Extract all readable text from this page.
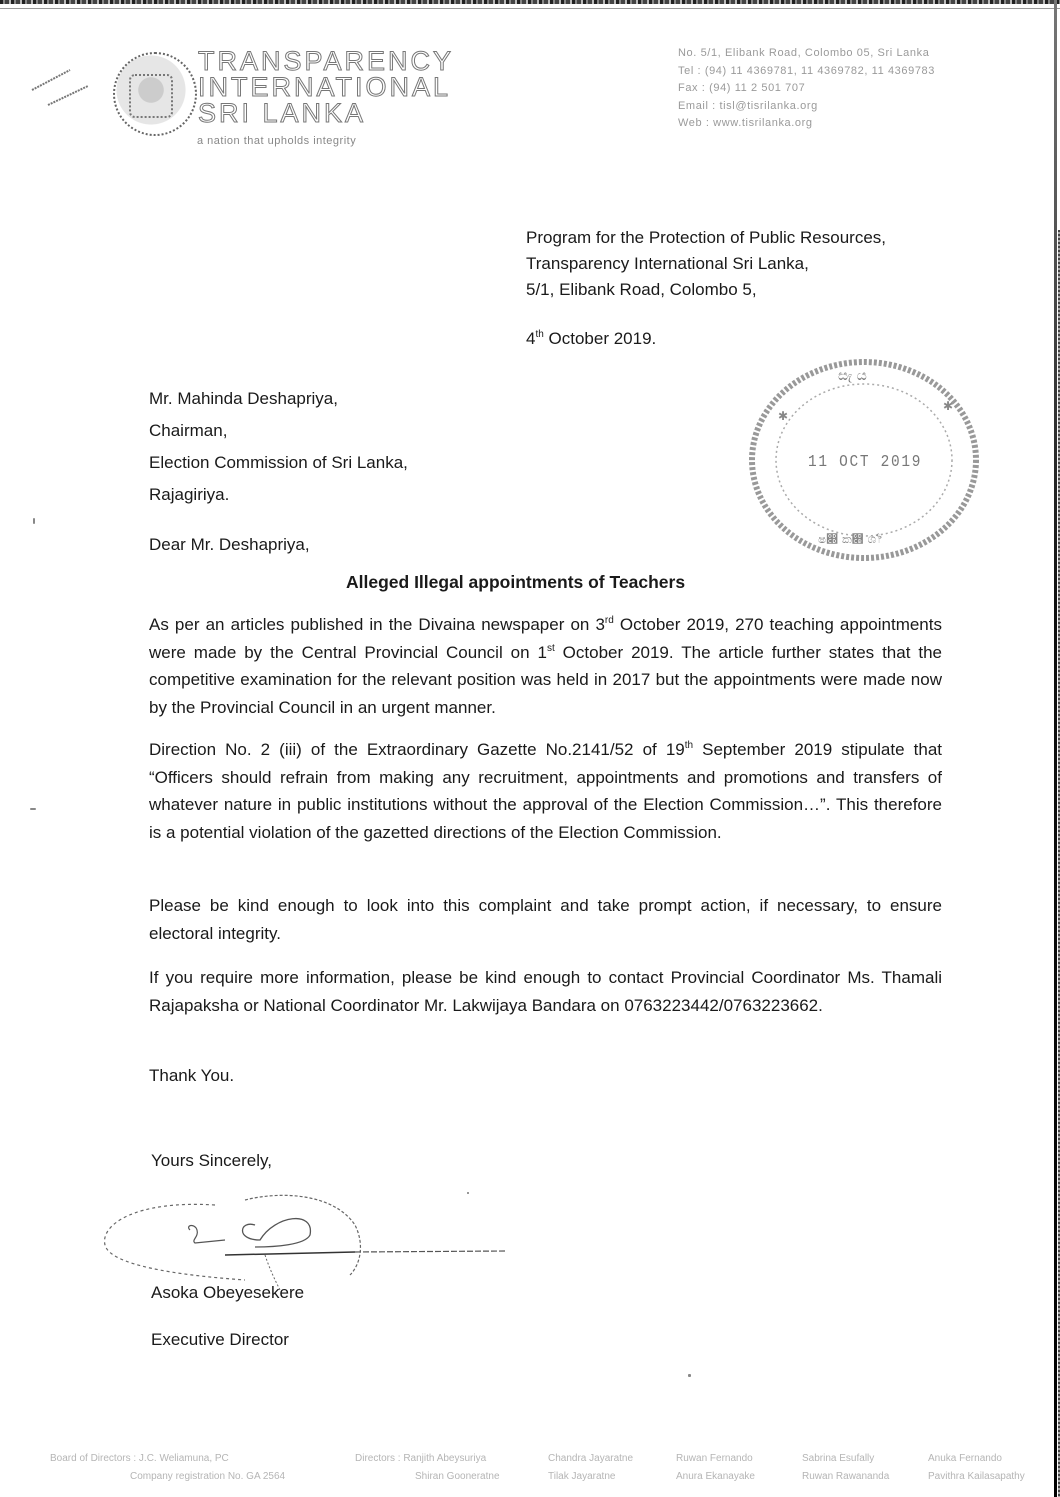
TRANSPARENCY
INTERNATIONAL
SRI LANKA
a nation that upholds integrity
No. 5/1, Elibank Road, Colombo 05, Sri Lanka
Tel : (94) 11 4369781, 11 4369782, 11 4369783
Fax : (94) 11 2 501 707
Email : tisl@tisrilanka.org
Web : www.tisrilanka.org
Program for the Protection of Public Resources,
Transparency International Sri Lanka,
5/1, Elibank Road, Colombo 5,
4th October 2019.
ස෭ ය
✱
✱
ෂ෍ ක෋ ශ෦
11 OCT 2019
Mr. Mahinda Deshapriya,
Chairman,
Election Commission of Sri Lanka,
Rajagiriya.
Dear Mr. Deshapriya,
Alleged Illegal appointments of Teachers
As per an articles published in the Divaina newspaper on 3rd October 2019, 270 teaching appointments were made by the Central Provincial Council on 1st October 2019. The article further states that the competitive examination for the relevant position was held in 2017 but the appointments were made now by the Provincial Council in an urgent manner.
Direction No. 2 (iii) of the Extraordinary Gazette No.2141/52 of 19th September 2019 stipulate that “Officers should refrain from making any recruitment, appointments and promotions and transfers of whatever nature in public institutions without the approval of the Election Commission…”. This therefore is a potential violation of the gazetted directions of the Election Commission.
Please be kind enough to look into this complaint and take prompt action, if necessary, to ensure electoral integrity.
If you require more information, please be kind enough to contact Provincial Coordinator Ms. Thamali Rajapaksha or National Coordinator Mr. Lakwijaya Bandara on 0763223442/0763223662.
Thank You.
Yours Sincerely,
Asoka Obeyesekere
Executive Director
Board of Directors : J.C. Weliamuna, PC
Company registration No. GA 2564
Directors : Ranjith Abeysuriya
Shiran Gooneratne
Chandra Jayaratne
Tilak Jayaratne
Ruwan Fernando
Anura Ekanayake
Sabrina Esufally
Ruwan Rawananda
Anuka Fernando
Pavithra Kailasapathy
